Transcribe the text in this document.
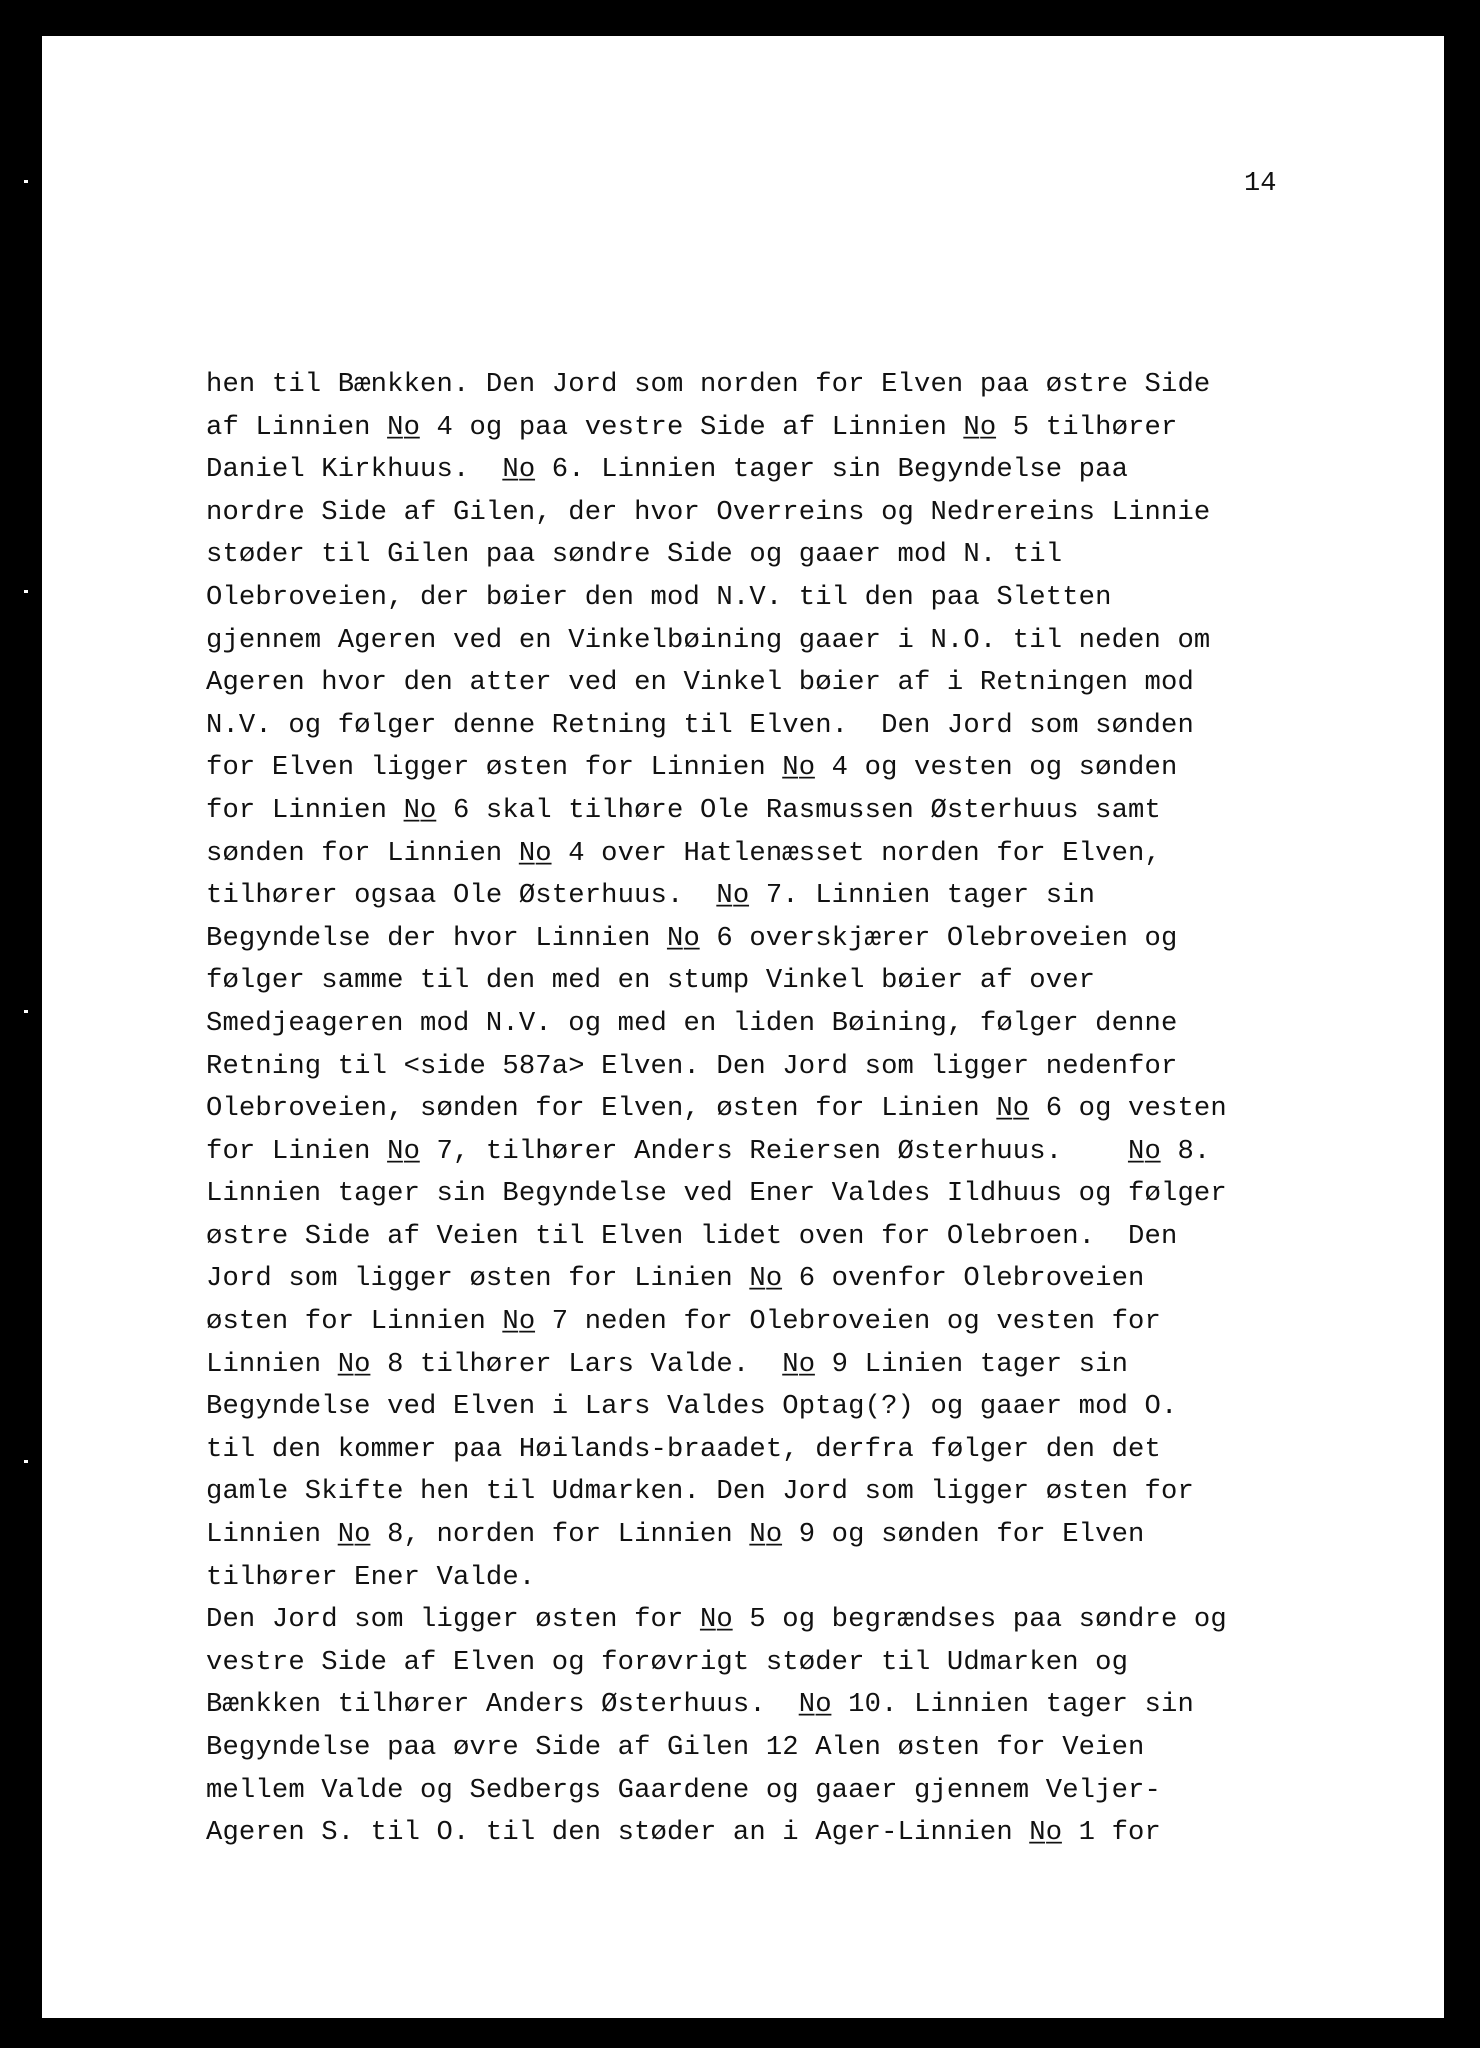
14

hen til Bænkken. Den Jord som norden for Elven paa østre Side
af Linnien N̲o̲ 4 og paa vestre Side af Linnien N̲o̲ 5 tilhører
Daniel Kirkhuus.  N̲o̲ 6. Linnien tager sin Begyndelse paa
nordre Side af Gilen, der hvor Overreins og Nedrereins Linnie
støder til Gilen paa søndre Side og gaaer mod N. til
Olebroveien, der bøier den mod N.V. til den paa Sletten
gjennem Ageren ved en Vinkelbøining gaaer i N.O. til neden om
Ageren hvor den atter ved en Vinkel bøier af i Retningen mod
N.V. og følger denne Retning til Elven.  Den Jord som sønden
for Elven ligger østen for Linnien N̲o̲ 4 og vesten og sønden
for Linnien N̲o̲ 6 skal tilhøre Ole Rasmussen Østerhuus samt
sønden for Linnien N̲o̲ 4 over Hatlenæsset norden for Elven,
tilhører ogsaa Ole Østerhuus.  N̲o̲ 7. Linnien tager sin
Begyndelse der hvor Linnien N̲o̲ 6 overskjærer Olebroveien og
følger samme til den med en stump Vinkel bøier af over
Smedjeageren mod N.V. og med en liden Bøining, følger denne
Retning til <side 587a> Elven. Den Jord som ligger nedenfor
Olebroveien, sønden for Elven, østen for Linien N̲o̲ 6 og vesten
for Linien N̲o̲ 7, tilhører Anders Reiersen Østerhuus.    N̲o̲ 8.
Linnien tager sin Begyndelse ved Ener Valdes Ildhuus og følger
østre Side af Veien til Elven lidet oven for Olebroen.  Den
Jord som ligger østen for Linien N̲o̲ 6 ovenfor Olebroveien
østen for Linnien N̲o̲ 7 neden for Olebroveien og vesten for
Linnien N̲o̲ 8 tilhører Lars Valde.  N̲o̲ 9 Linien tager sin
Begyndelse ved Elven i Lars Valdes Optag(?) og gaaer mod O.
til den kommer paa Høilands-braadet, derfra følger den det
gamle Skifte hen til Udmarken. Den Jord som ligger østen for
Linnien N̲o̲ 8, norden for Linnien N̲o̲ 9 og sønden for Elven
tilhører Ener Valde.
Den Jord som ligger østen for N̲o̲ 5 og begrændses paa søndre og
vestre Side af Elven og forøvrigt støder til Udmarken og
Bænkken tilhører Anders Østerhuus.  N̲o̲ 10. Linnien tager sin
Begyndelse paa øvre Side af Gilen 12 Alen østen for Veien
mellem Valde og Sedbergs Gaardene og gaaer gjennem Veljer-
Ageren S. til O. til den støder an i Ager-Linnien N̲o̲ 1 for
